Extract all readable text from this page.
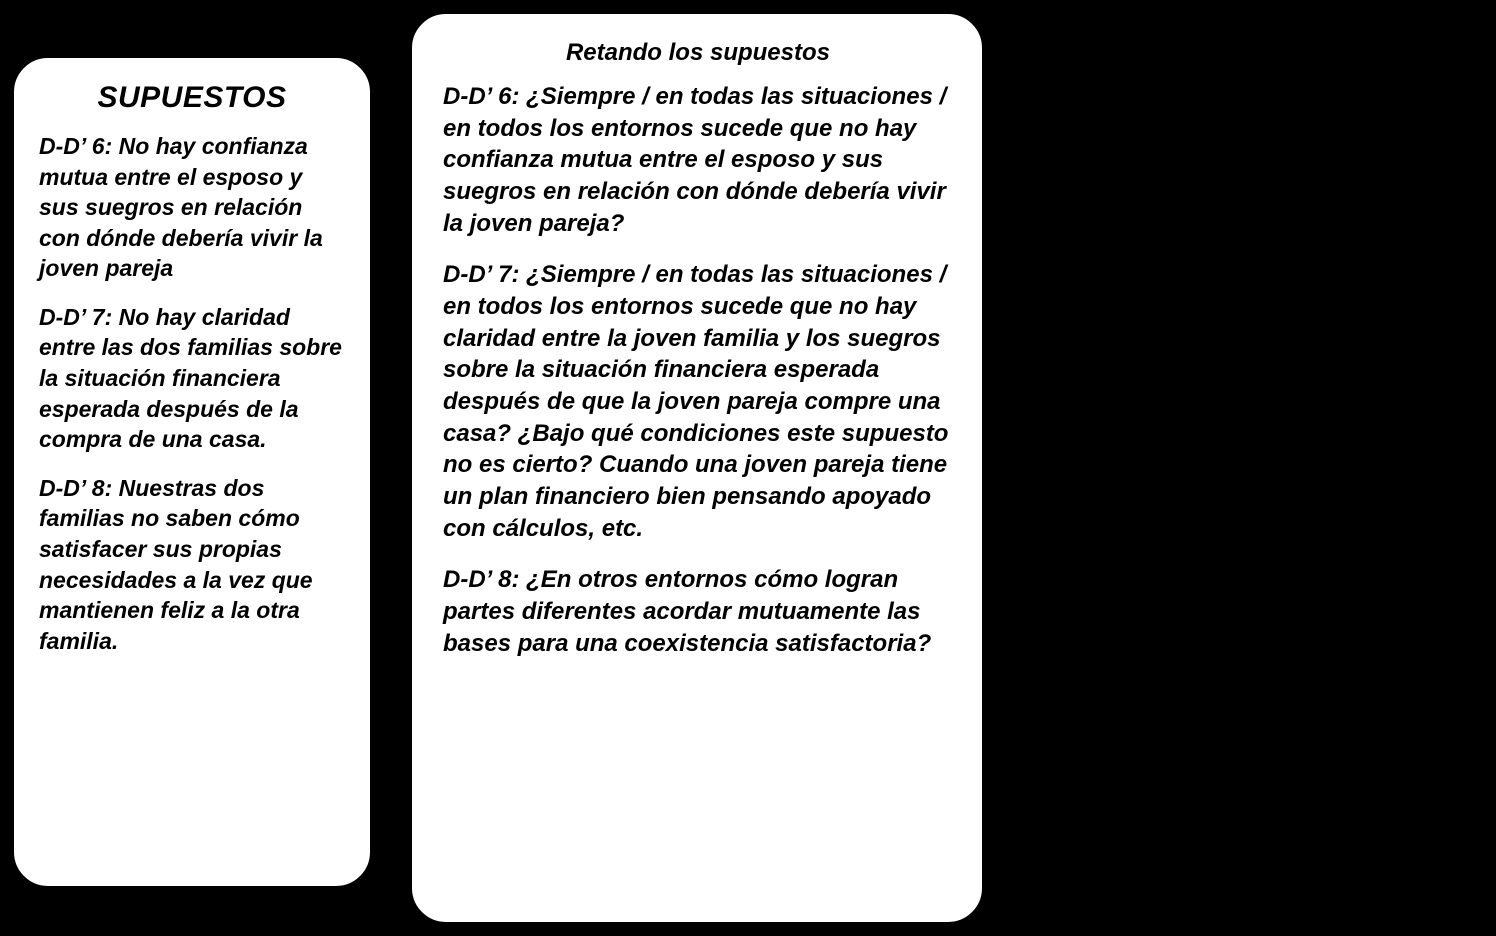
SUPUESTOS

D-D’ 6: No hay confianza mutua entre el esposo y sus suegros en relación con dónde debería vivir la joven pareja

D-D’ 7: No hay claridad entre las dos familias sobre la situación financiera esperada después de la compra de una casa.

D-D’ 8: Nuestras dos familias no saben cómo satisfacer sus propias necesidades a la vez que mantienen feliz a la otra familia.

Retando los supuestos

D-D’ 6: ¿Siempre / en todas las situaciones / en todos los entornos sucede que no hay confianza mutua entre el esposo y sus suegros en relación con dónde debería vivir la joven pareja?

D-D’ 7: ¿Siempre / en todas las situaciones / en todos los entornos sucede que no hay claridad entre la joven familia y los suegros sobre la situación financiera esperada después de que la joven pareja compre una casa? ¿Bajo qué condiciones este supuesto no es cierto? Cuando una joven pareja tiene un plan financiero bien pensando apoyado con cálculos, etc.

D-D’ 8: ¿En otros entornos cómo logran partes diferentes acordar mutuamente las bases para una coexistencia satisfactoria?
